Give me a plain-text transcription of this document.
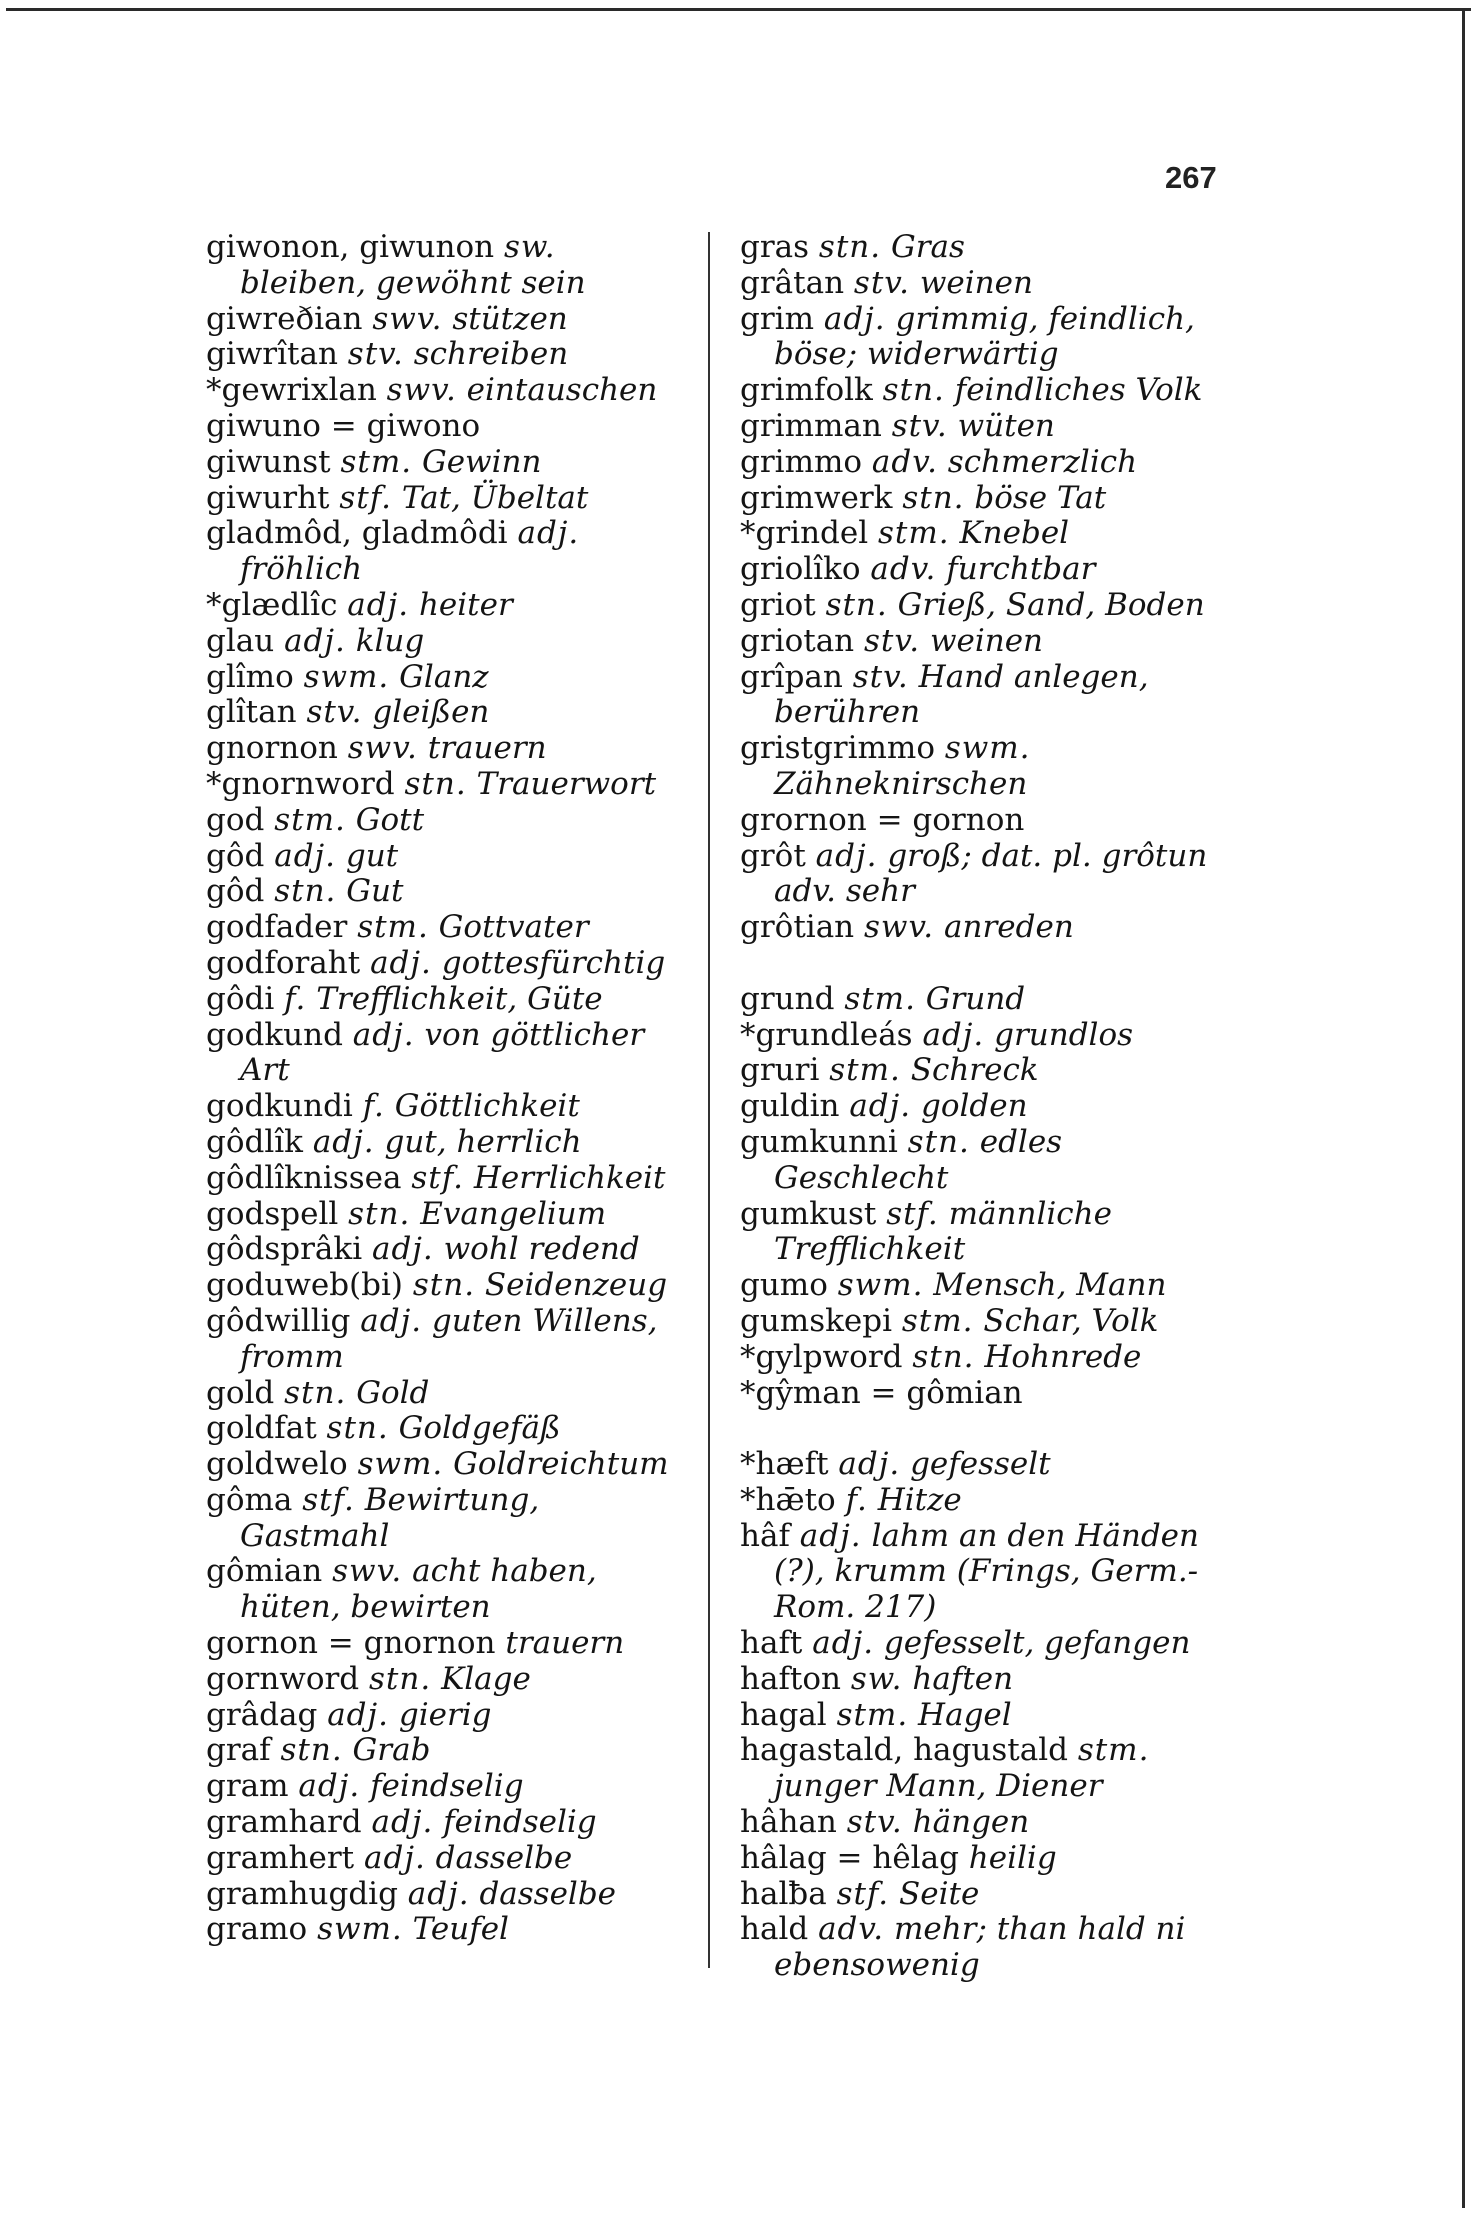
267

giwonon, giwunon sw. bleiben, gewöhnt sein

giwreðian swv. stützen

giwrîtan stv. schreiben

*gewrixlan swv. eintauschen

giwuno = giwono

giwunst stm. Gewinn

giwurht stf. Tat, Übeltat

gladmôd, gladmôdi adj. fröhlich

*glædlîc adj. heiter

glau adj. klug

glîmo swm. Glanz

glîtan stv. gleißen

gnornon swv. trauern

*gnornword stn. Trauerwort

god stm. Gott

gôd adj. gut

gôd stn. Gut

godfader stm. Gottvater

godforaht adj. gottesfürchtig

gôdi f. Trefflichkeit, Güte

godkund adj. von göttlicher Art

godkundi f. Göttlichkeit

gôdlîk adj. gut, herrlich

gôdlîknissea stf. Herrlichkeit

godspell stn. Evangelium

gôdsprâki adj. wohl redend

goduweb(bi) stn. Seidenzeug

gôdwillig adj. guten Willens, fromm

gold stn. Gold

goldfat stn. Goldgefäß

goldwelo swm. Goldreichtum

gôma stf. Bewirtung, Gastmahl

gômian swv. acht haben, hüten, bewirten

gornon = gnornon trauern

gornword stn. Klage

grâdag adj. gierig

graf stn. Grab

gram adj. feindselig

gramhard adj. feindselig

gramhert adj. dasselbe

gramhugdig adj. dasselbe

gramo swm. Teufel

gras stn. Gras

grâtan stv. weinen

grim adj. grimmig, feindlich, böse; widerwärtig

grimfolk stn. feindliches Volk

grimman stv. wüten

grimmo adv. schmerzlich

grimwerk stn. böse Tat

*grindel stm. Knebel

griolîko adv. furchtbar

griot stn. Grieß, Sand, Boden

griotan stv. weinen

grîpan stv. Hand anlegen, berühren

gristgrimmo swm. Zähneknirschen

grornon = gornon

grôt adj. groß; dat. pl. grôtun adv. sehr

grôtian swv. anreden

grund stm. Grund

*grundleás adj. grundlos

gruri stm. Schreck

guldin adj. golden

gumkunni stn. edles Geschlecht

gumkust stf. männliche Trefflichkeit

gumo swm. Mensch, Mann

gumskepi stm. Schar, Volk

*gylpword stn. Hohnrede

*gŷman = gômian

*hæft adj. gefesselt

*hǣto f. Hitze

hâf adj. lahm an den Händen (?), krumm (Frings, Germ.-Rom. 217)

haft adj. gefesselt, gefangen

hafton sw. haften

hagal stm. Hagel

hagastald, hagustald stm. junger Mann, Diener

hâhan stv. hängen

hâlag = hêlag heilig

halƀa stf. Seite

hald adv. mehr; than hald ni ebensowenig
